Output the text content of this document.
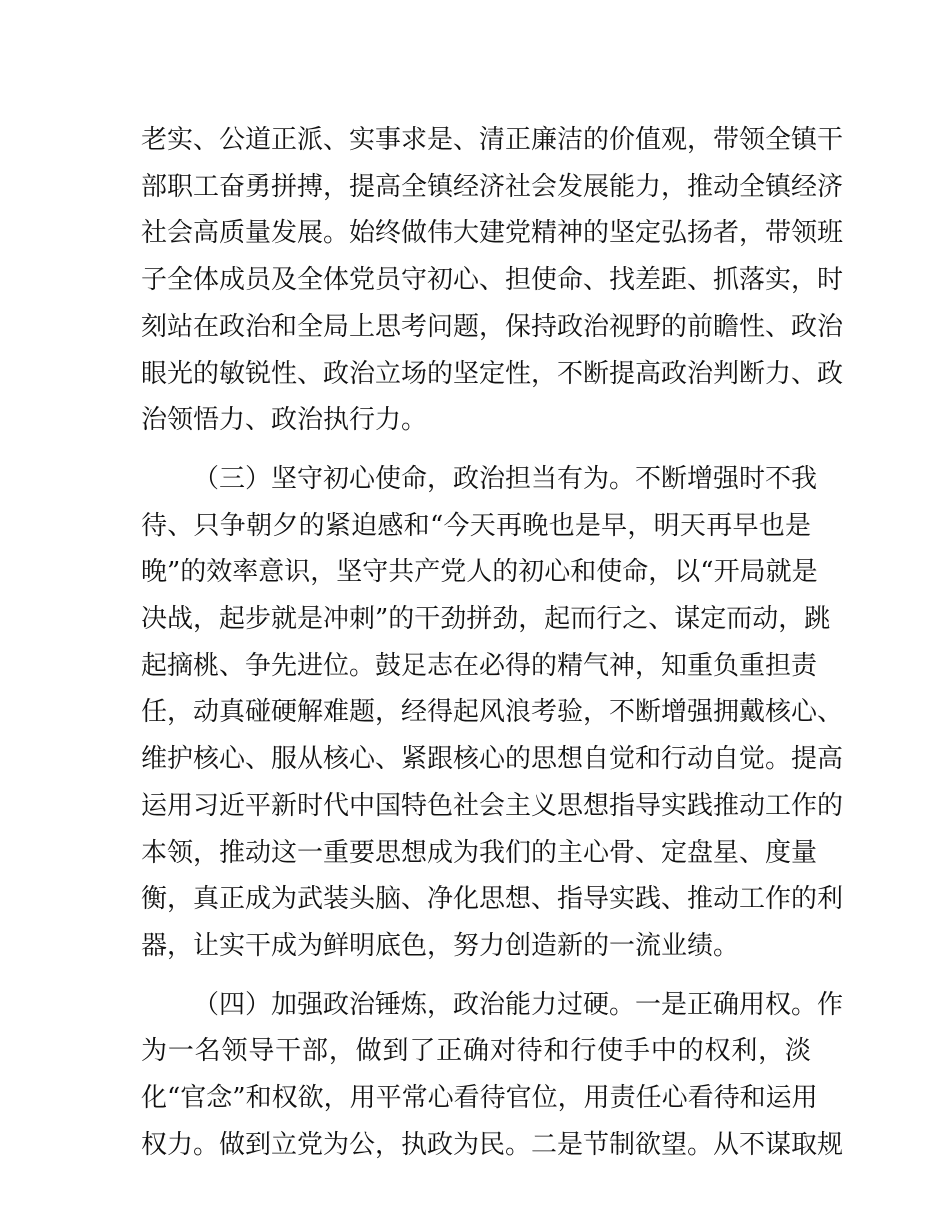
老实、公道正派、实事求是、清正廉洁的价值观，带领全镇干
部职工奋勇拼搏，提高全镇经济社会发展能力，推动全镇经济
社会高质量发展。始终做伟大建党精神的坚定弘扬者，带领班
子全体成员及全体党员守初心、担使命、找差距、抓落实，时
刻站在政治和全局上思考问题，保持政治视野的前瞻性、政治
眼光的敏锐性、政治立场的坚定性，不断提高政治判断力、政
治领悟力、政治执行力。
（三）坚守初心使命，政治担当有为。不断增强时不我
待、只争朝夕的紧迫感和“今天再晚也是早，明天再早也是
晚”的效率意识，坚守共产党人的初心和使命，以“开局就是
决战，起步就是冲刺”的干劲拼劲，起而行之、谋定而动，跳
起摘桃、争先进位。鼓足志在必得的精气神，知重负重担责
任，动真碰硬解难题，经得起风浪考验，不断增强拥戴核心、
维护核心、服从核心、紧跟核心的思想自觉和行动自觉。提高
运用习近平新时代中国特色社会主义思想指导实践推动工作的
本领，推动这一重要思想成为我们的主心骨、定盘星、度量
衡，真正成为武装头脑、净化思想、指导实践、推动工作的利
器，让实干成为鲜明底色，努力创造新的一流业绩。
（四）加强政治锤炼，政治能力过硬。一是正确用权。作
为一名领导干部，做到了正确对待和行使手中的权利，淡
化“官念”和权欲，用平常心看待官位，用责任心看待和运用
权力。做到立党为公，执政为民。二是节制欲望。从不谋取规
